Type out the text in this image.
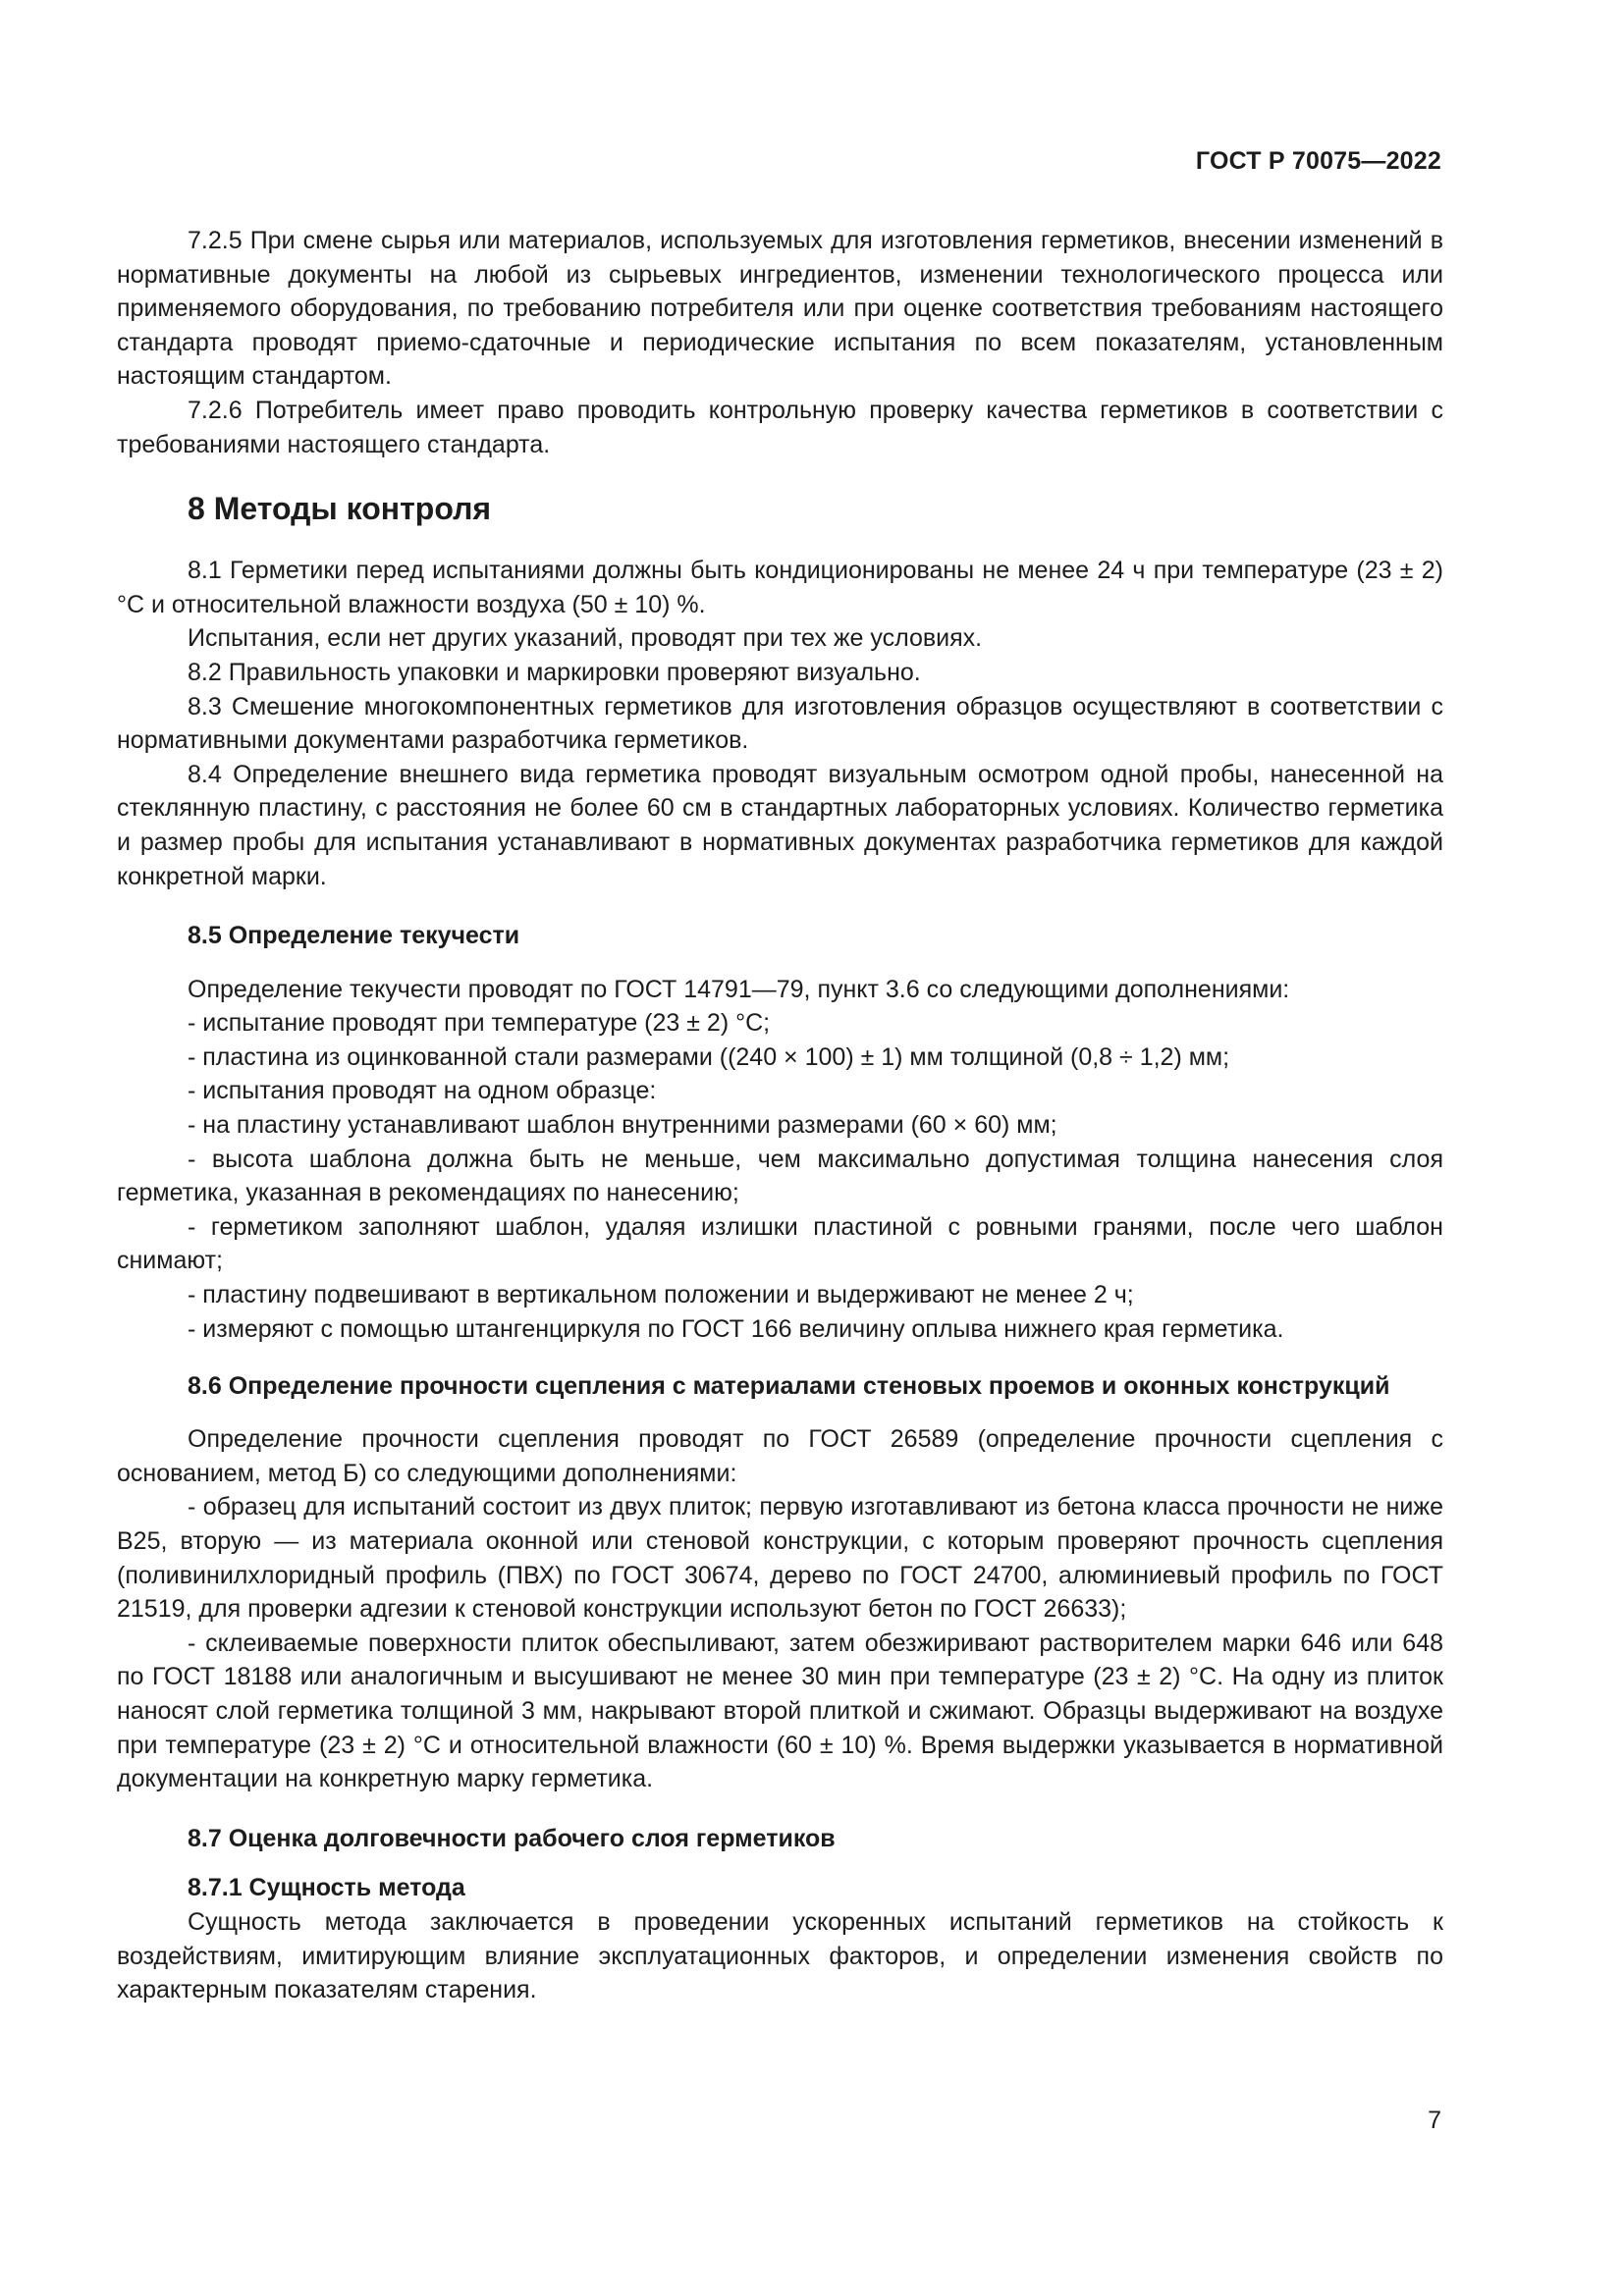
ГОСТ Р 70075—2022

7.2.5 При смене сырья или материалов, используемых для изготовления герметиков, внесении изменений в нормативные документы на любой из сырьевых ингредиентов, изменении технологического процесса или применяемого оборудования, по требованию потребителя или при оценке соответствия требованиям настоящего стандарта проводят приемо-сдаточные и периодические испытания по всем показателям, установленным настоящим стандартом.

7.2.6 Потребитель имеет право проводить контрольную проверку качества герметиков в соответствии с требованиями настоящего стандарта.

8 Методы контроля

8.1 Герметики перед испытаниями должны быть кондиционированы не менее 24 ч при температуре (23 ± 2) °С и относительной влажности воздуха (50 ± 10) %.

Испытания, если нет других указаний, проводят при тех же условиях.

8.2 Правильность упаковки и маркировки проверяют визуально.

8.3 Смешение многокомпонентных герметиков для изготовления образцов осуществляют в соответствии с нормативными документами разработчика герметиков.

8.4 Определение внешнего вида герметика проводят визуальным осмотром одной пробы, нанесенной на стеклянную пластину, с расстояния не более 60 см в стандартных лабораторных условиях. Количество герметика и размер пробы для испытания устанавливают в нормативных документах разработчика герметиков для каждой конкретной марки.

8.5 Определение текучести

Определение текучести проводят по ГОСТ 14791—79, пункт 3.6 со следующими дополнениями:

- испытание проводят при температуре (23 ± 2) °С;

- пластина из оцинкованной стали размерами ((240 × 100) ± 1) мм толщиной (0,8 ÷ 1,2) мм;

- испытания проводят на одном образце:

- на пластину устанавливают шаблон внутренними размерами (60 × 60) мм;

- высота шаблона должна быть не меньше, чем максимально допустимая толщина нанесения слоя герметика, указанная в рекомендациях по нанесению;

- герметиком заполняют шаблон, удаляя излишки пластиной с ровными гранями, после чего шаблон снимают;

- пластину подвешивают в вертикальном положении и выдерживают не менее 2 ч;

- измеряют с помощью штангенциркуля по ГОСТ 166 величину оплыва нижнего края герметика.

8.6 Определение прочности сцепления с материалами стеновых проемов и оконных конструкций

Определение прочности сцепления проводят по ГОСТ 26589 (определение прочности сцепления с основанием, метод Б) со следующими дополнениями:

- образец для испытаний состоит из двух плиток; первую изготавливают из бетона класса прочности не ниже В25, вторую — из материала оконной или стеновой конструкции, с которым проверяют прочность сцепления (поливинилхлоридный профиль (ПВХ) по ГОСТ 30674, дерево по ГОСТ 24700, алюминиевый профиль по ГОСТ 21519, для проверки адгезии к стеновой конструкции используют бетон по ГОСТ 26633);

- склеиваемые поверхности плиток обеспыливают, затем обезжиривают растворителем марки 646 или 648 по ГОСТ 18188 или аналогичным и высушивают не менее 30 мин при температуре (23 ± 2) °С. На одну из плиток наносят слой герметика толщиной 3 мм, накрывают второй плиткой и сжимают. Образцы выдерживают на воздухе при температуре (23 ± 2) °С и относительной влажности (60 ± 10) %. Время выдержки указывается в нормативной документации на конкретную марку герметика.

8.7 Оценка долговечности рабочего слоя герметиков
8.7.1 Сущность метода

Сущность метода заключается в проведении ускоренных испытаний герметиков на стойкость к воздействиям, имитирующим влияние эксплуатационных факторов, и определении изменения свойств по характерным показателям старения.

7
